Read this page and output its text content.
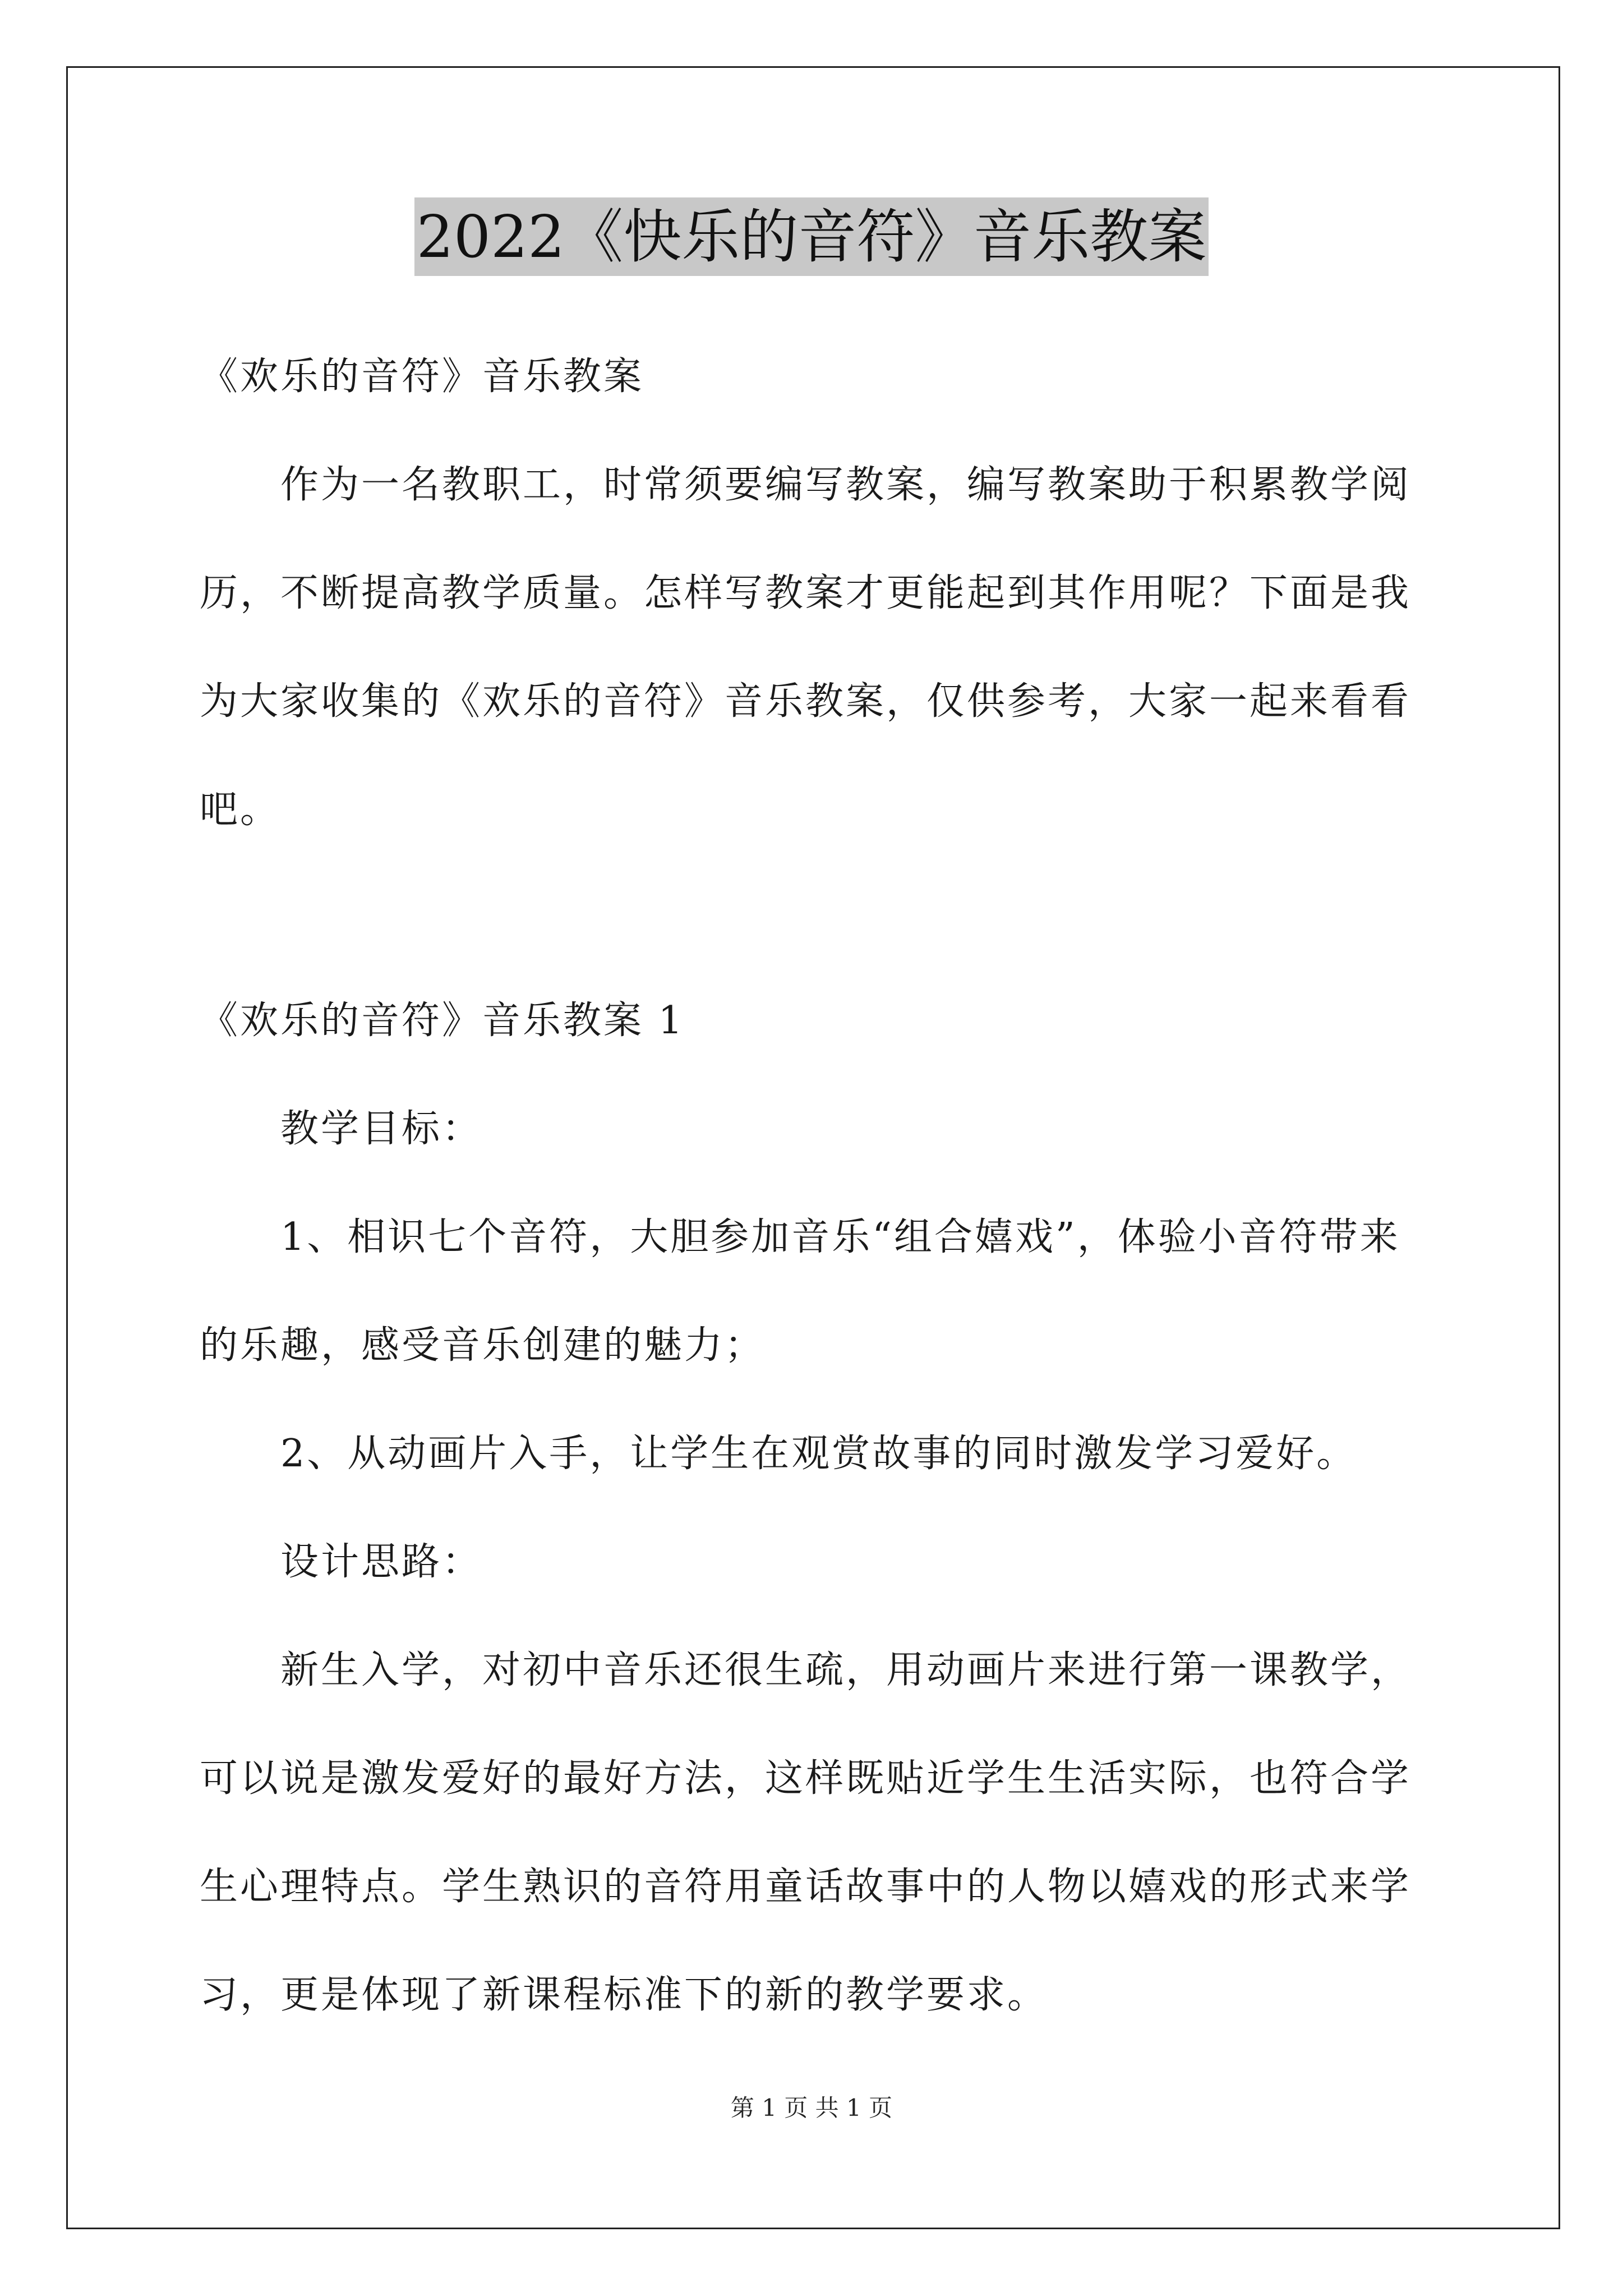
2022《快乐的音符》音乐教案
《欢乐的音符》音乐教案
作为一名教职工，时常须要编写教案，编写教案助于积累教学阅
历，不断提高教学质量。怎样写教案才更能起到其作用呢？下面是我
为大家收集的《欢乐的音符》音乐教案，仅供参考，大家一起来看看
吧。
《欢乐的音符》音乐教案 1
教学目标：
1、相识七个音符，大胆参加音乐“组合嬉戏”，体验小音符带来
的乐趣，感受音乐创建的魅力；
2、从动画片入手，让学生在观赏故事的同时激发学习爱好。
设计思路：
新生入学，对初中音乐还很生疏，用动画片来进行第一课教学，
可以说是激发爱好的最好方法，这样既贴近学生生活实际，也符合学
生心理特点。学生熟识的音符用童话故事中的人物以嬉戏的形式来学
习，更是体现了新课程标准下的新的教学要求。
第 1 页 共 1 页
